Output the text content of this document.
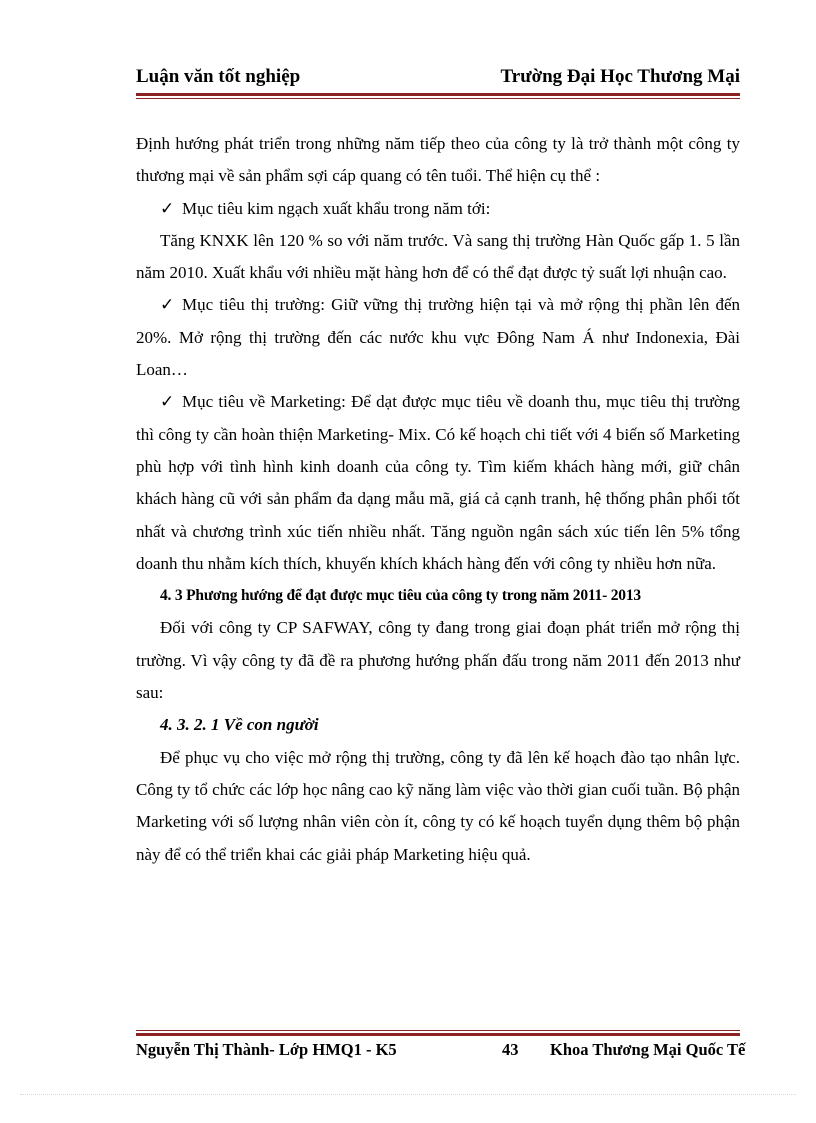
Luận văn tốt nghiệp	Trường Đại Học Thương Mại

Định hướng phát triển trong những năm tiếp theo của công ty là trở thành một công ty thương mại về sản phẩm sợi cáp quang có tên tuổi. Thể hiện cụ thể :

✓ Mục tiêu kim ngạch xuất khẩu trong năm tới:

Tăng KNXK lên 120 % so với năm trước. Và sang thị trường Hàn Quốc gấp 1. 5 lần năm 2010. Xuất khẩu với nhiều mặt hàng hơn để có thể đạt được tỷ suất lợi nhuận cao.

✓ Mục tiêu thị trường: Giữ vững thị trường hiện tại và mở rộng thị phần lên đến 20%. Mở rộng thị trường đến các nước khu vực Đông Nam Á như Indonexia, Đài Loan…

✓ Mục tiêu về Marketing: Để dạt được mục tiêu về doanh thu, mục tiêu thị trường thì công ty cần hoàn thiện Marketing- Mix. Có kế hoạch chi tiết với 4 biến số Marketing phù hợp với tình hình kinh doanh của công ty. Tìm kiếm khách hàng mới, giữ chân khách hàng cũ với sản phẩm đa dạng mẫu mã, giá cả cạnh tranh, hệ thống phân phối tốt nhất và chương trình xúc tiến nhiều nhất. Tăng nguồn ngân sách xúc tiến lên 5% tổng doanh thu nhằm kích thích, khuyến khích khách hàng đến với công ty nhiều hơn nữa.

4. 3 Phương hướng để đạt được mục tiêu của công ty trong năm 2011- 2013

Đối với công ty CP SAFWAY, công ty đang trong giai đoạn phát triển mở rộng thị trường. Vì vậy công ty đã đề ra phương hướng phấn đấu trong năm 2011 đến 2013 như sau:

4. 3. 2. 1 Về con người

Để phục vụ cho việc mở rộng thị trường, công ty đã lên kế hoạch đào tạo nhân lực. Công ty tổ chức các lớp học nâng cao kỹ năng làm việc vào thời gian cuối tuần. Bộ phận Marketing với số lượng nhân viên còn ít, công ty có kế hoạch tuyển dụng thêm bộ phận này để có thể triển khai các giải pháp Marketing hiệu quả.

Nguyễn Thị Thành- Lớp HMQ1 - K5	43 Khoa Thương Mại Quốc Tế
